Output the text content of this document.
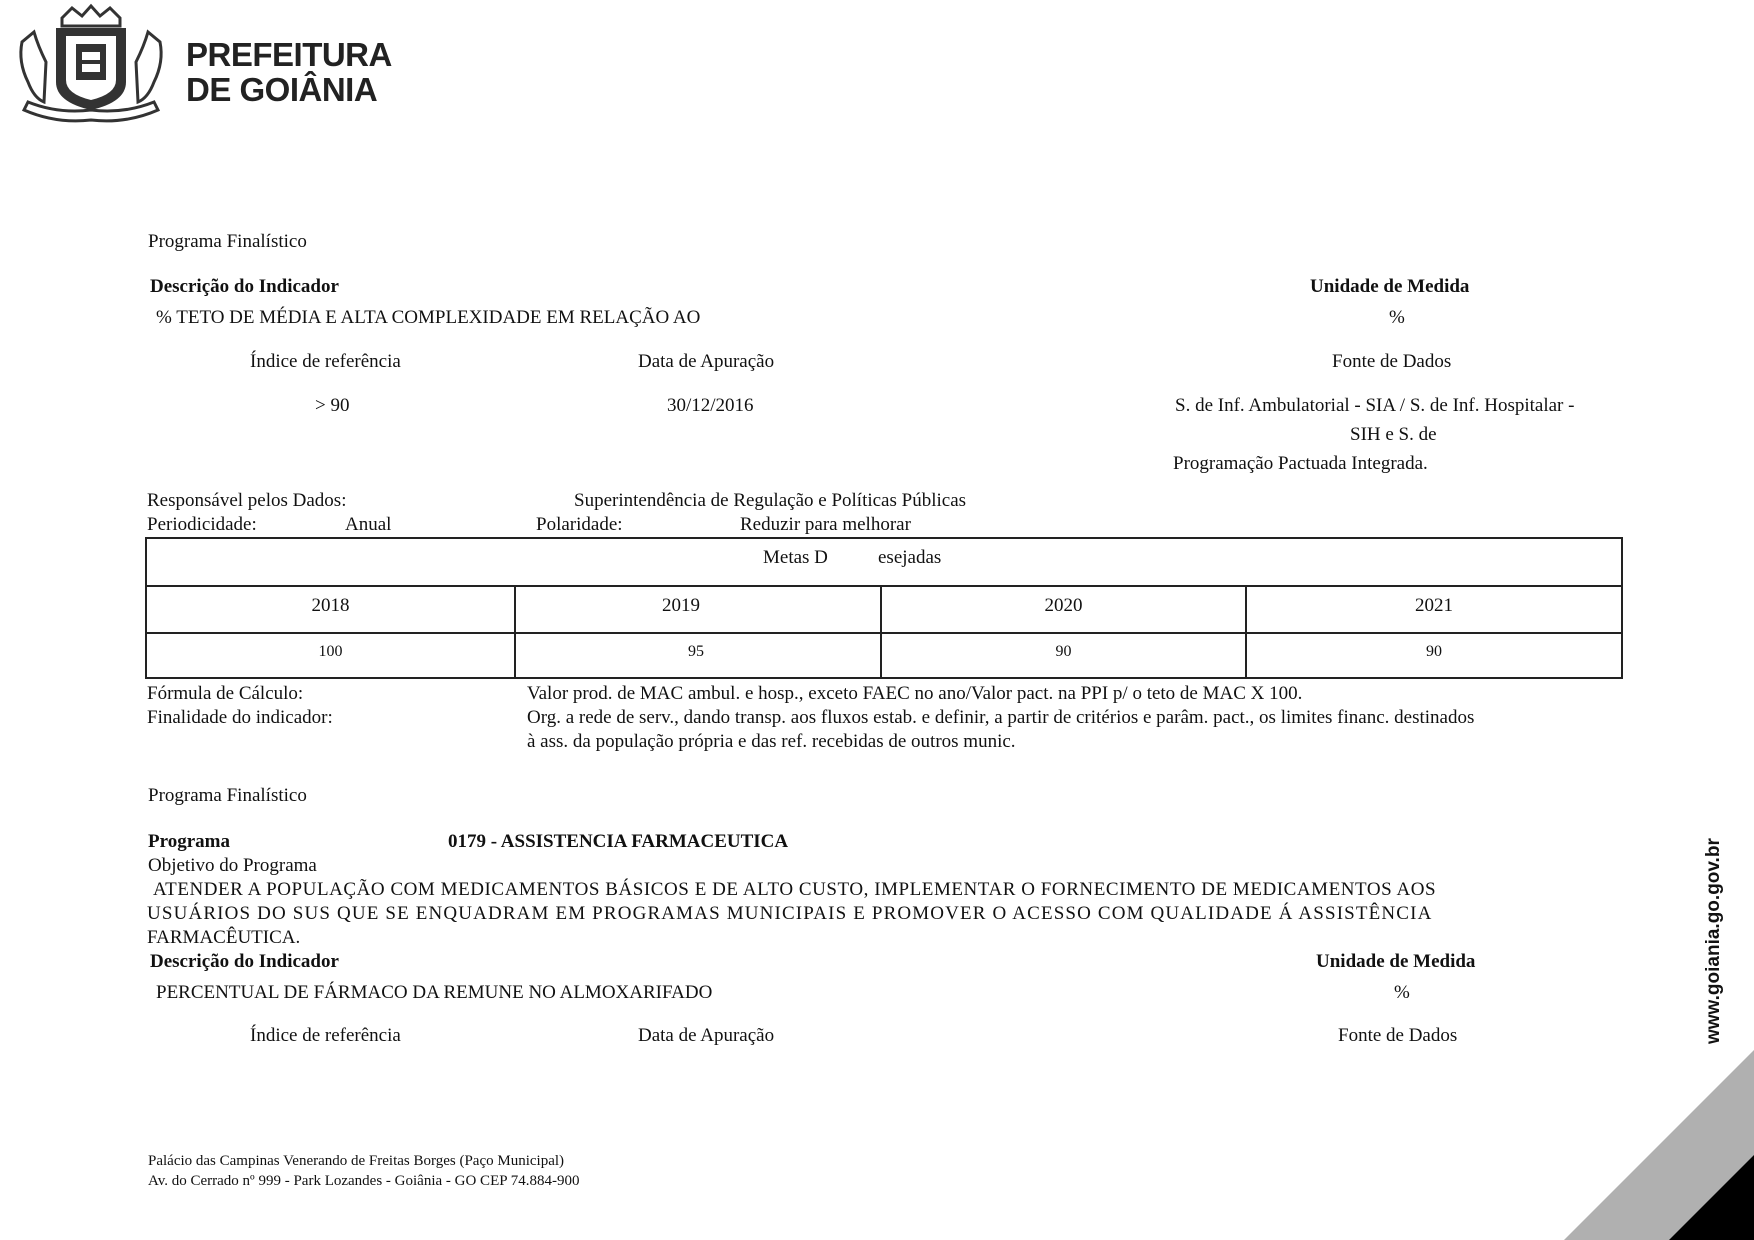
PREFEITURA
DE GOIÂNIA
Programa Finalístico
Descrição do Indicador	Unidade de Medida
% TETO DE MÉDIA E ALTA COMPLEXIDADE EM RELAÇÃO AO	%
Índice de referência	Data de Apuração	Fonte de Dados
> 90	30/12/2016	S. de Inf. Ambulatorial - SIA / S. de Inf. Hospitalar -
SIH e S. de
Programação Pactuada Integrada.
Responsável pelos Dados:	Superintendência de Regulação e Políticas Públicas
Periodicidade:	Anual	Polaridade:	Reduzir para melhorar
Metas D	esejadas
2018	2019	2020	2021
100	95	90	90
Fórmula de Cálculo:	Valor prod. de MAC ambul. e hosp., exceto FAEC no ano/Valor pact. na PPI p/ o teto de MAC X 100.
Finalidade do indicador:	Org. a rede de serv., dando transp. aos fluxos estab. e definir, a partir de critérios e parâm. pact., os limites financ. destinados
à ass. da população própria e das ref. recebidas de outros munic.
Programa Finalístico
Programa	0179 - ASSISTENCIA FARMACEUTICA
Objetivo do Programa
ATENDER A POPULAÇÃO COM MEDICAMENTOS BÁSICOS E DE ALTO CUSTO, IMPLEMENTAR O FORNECIMENTO DE MEDICAMENTOS AOS
USUÁRIOS DO SUS QUE SE ENQUADRAM EM PROGRAMAS MUNICIPAIS E PROMOVER O ACESSO COM QUALIDADE Á ASSISTÊNCIA
FARMACÊUTICA.
Descrição do Indicador	Unidade de Medida
PERCENTUAL DE FÁRMACO DA REMUNE NO ALMOXARIFADO	%
Índice de referência	Data de Apuração	Fonte de Dados
Palácio das Campinas Venerando de Freitas Borges (Paço Municipal)
Av. do Cerrado nº 999 - Park Lozandes - Goiânia - GO CEP 74.884-900
www.goiania.go.gov.br
